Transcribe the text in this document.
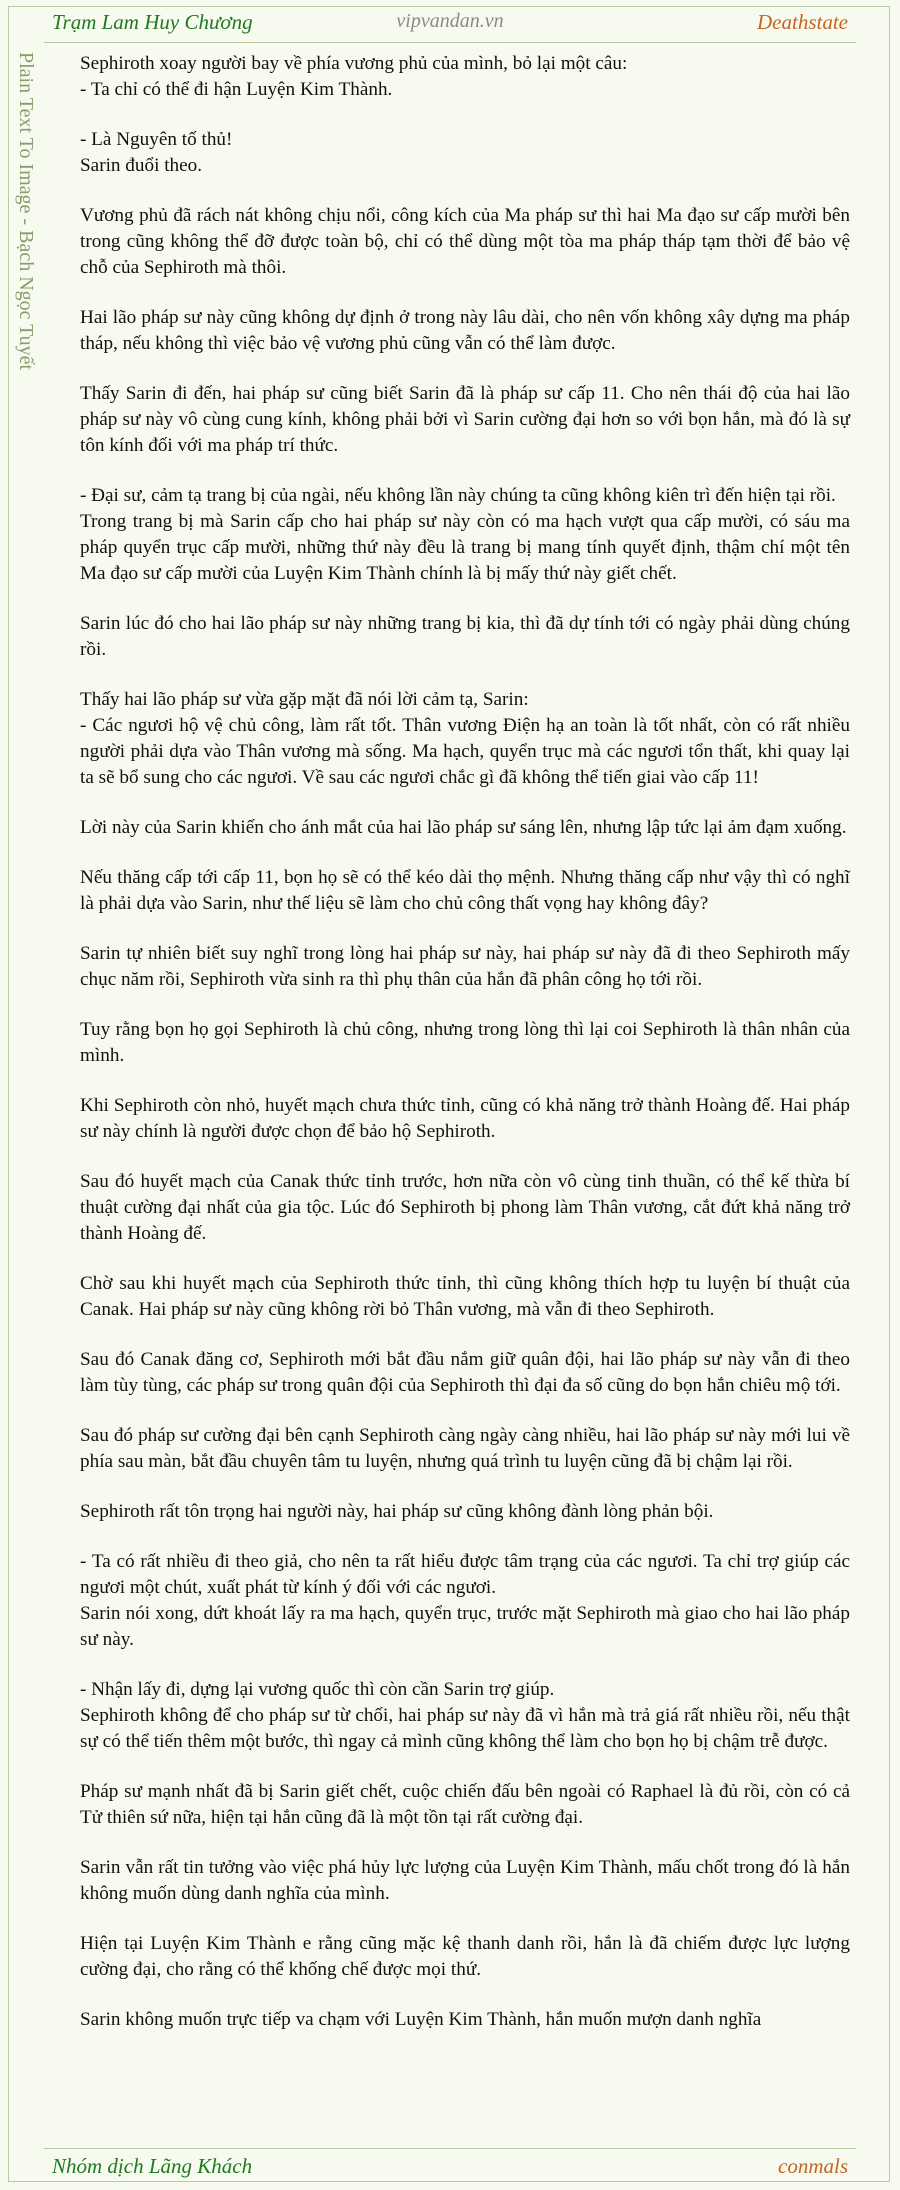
Trạm Lam Huy Chương	vipvandan.vn	Deathstate
Plain Text To Image - Bạch Ngọc Tuyết Sephiroth xoay người bay về phía vương phủ của mình, bỏ lại một câu:

- Ta chỉ có thể đi hận Luyện Kim Thành.

- Là Nguyên tố thủ!

Sarin đuổi theo.

Vương phủ đã rách nát không chịu nổi, công kích của Ma pháp sư thì hai Ma đạo sư cấp mười bên trong cũng không thể đỡ được toàn bộ, chỉ có thể dùng một tòa ma pháp tháp tạm thời để bảo vệ chỗ của Sephiroth mà thôi.

Hai lão pháp sư này cũng không dự định ở trong này lâu dài, cho nên vốn không xây dựng ma pháp tháp, nếu không thì việc bảo vệ vương phủ cũng vẫn có thể làm được.

Thấy Sarin đi đến, hai pháp sư cũng biết Sarin đã là pháp sư cấp 11. Cho nên thái độ của hai lão pháp sư này vô cùng cung kính, không phải bởi vì Sarin cường đại hơn so với bọn hắn, mà đó là sự tôn kính đối với ma pháp trí thức.

- Đại sư, cảm tạ trang bị của ngài, nếu không lần này chúng ta cũng không kiên trì đến hiện tại rồi.

Trong trang bị mà Sarin cấp cho hai pháp sư này còn có ma hạch vượt qua cấp mười, có sáu ma pháp quyển trục cấp mười, những thứ này đều là trang bị mang tính quyết định, thậm chí một tên Ma đạo sư cấp mười của Luyện Kim Thành chính là bị mấy thứ này giết chết.

Sarin lúc đó cho hai lão pháp sư này những trang bị kia, thì đã dự tính tới có ngày phải dùng chúng rồi.

Thấy hai lão pháp sư vừa gặp mặt đã nói lời cảm tạ, Sarin:

- Các ngươi hộ vệ chủ công, làm rất tốt. Thân vương Điện hạ an toàn là tốt nhất, còn có rất nhiều người phải dựa vào Thân vương mà sống. Ma hạch, quyển trục mà các ngươi tổn thất, khi quay lại ta sẽ bổ sung cho các ngươi. Về sau các ngươi chắc gì đã không thể tiến giai vào cấp 11!

Lời này của Sarin khiến cho ánh mắt của hai lão pháp sư sáng lên, nhưng lập tức lại ảm đạm xuống.

Nếu thăng cấp tới cấp 11, bọn họ sẽ có thể kéo dài thọ mệnh. Nhưng thăng cấp như vậy thì có nghĩ là phải dựa vào Sarin, như thế liệu sẽ làm cho chủ công thất vọng hay không đây?

Sarin tự nhiên biết suy nghĩ trong lòng hai pháp sư này, hai pháp sư này đã đi theo Sephiroth mấy chục năm rồi, Sephiroth vừa sinh ra thì phụ thân của hắn đã phân công họ tới rồi.

Tuy rằng bọn họ gọi Sephiroth là chủ công, nhưng trong lòng thì lại coi Sephiroth là thân nhân của mình.

Khi Sephiroth còn nhỏ, huyết mạch chưa thức tỉnh, cũng có khả năng trở thành Hoàng đế. Hai pháp sư này chính là người được chọn để bảo hộ Sephiroth.

Sau đó huyết mạch của Canak thức tỉnh trước, hơn nữa còn vô cùng tinh thuần, có thể kế thừa bí thuật cường đại nhất của gia tộc. Lúc đó Sephiroth bị phong làm Thân vương, cắt đứt khả năng trở thành Hoàng đế.

Chờ sau khi huyết mạch của Sephiroth thức tỉnh, thì cũng không thích hợp tu luyện bí thuật của Canak. Hai pháp sư này cũng không rời bỏ Thân vương, mà vẫn đi theo Sephiroth.

Sau đó Canak đăng cơ, Sephiroth mới bắt đầu nắm giữ quân đội, hai lão pháp sư này vẫn đi theo làm tùy tùng, các pháp sư trong quân đội của Sephiroth thì đại đa số cũng do bọn hắn chiêu mộ tới.

Sau đó pháp sư cường đại bên cạnh Sephiroth càng ngày càng nhiều, hai lão pháp sư này mới lui về phía sau màn, bắt đầu chuyên tâm tu luyện, nhưng quá trình tu luyện cũng đã bị chậm lại rồi.

Sephiroth rất tôn trọng hai người này, hai pháp sư cũng không đành lòng phản bội.

- Ta có rất nhiều đi theo giả, cho nên ta rất hiểu được tâm trạng của các ngươi. Ta chỉ trợ giúp các ngươi một chút, xuất phát từ kính ý đối với các ngươi.

Sarin nói xong, dứt khoát lấy ra ma hạch, quyển trục, trước mặt Sephiroth mà giao cho hai lão pháp sư này.

- Nhận lấy đi, dựng lại vương quốc thì còn cần Sarin trợ giúp.

Sephiroth không để cho pháp sư từ chối, hai pháp sư này đã vì hắn mà trả giá rất nhiều rồi, nếu thật sự có thể tiến thêm một bước, thì ngay cả mình cũng không thể làm cho bọn họ bị chậm trễ được.

Pháp sư mạnh nhất đã bị Sarin giết chết, cuộc chiến đấu bên ngoài có Raphael là đủ rồi, còn có cả Tử thiên sứ nữa, hiện tại hắn cũng đã là một tồn tại rất cường đại.

Sarin vẫn rất tin tưởng vào việc phá hủy lực lượng của Luyện Kim Thành, mấu chốt trong đó là hắn không muốn dùng danh nghĩa của mình.

Hiện tại Luyện Kim Thành e rằng cũng mặc kệ thanh danh rồi, hắn là đã chiếm được lực lượng cường đại, cho rằng có thể khống chế được mọi thứ.

Sarin không muốn trực tiếp va chạm với Luyện Kim Thành, hắn muốn mượn danh nghĩa

Nhóm dịch Lãng Khách	conmals
